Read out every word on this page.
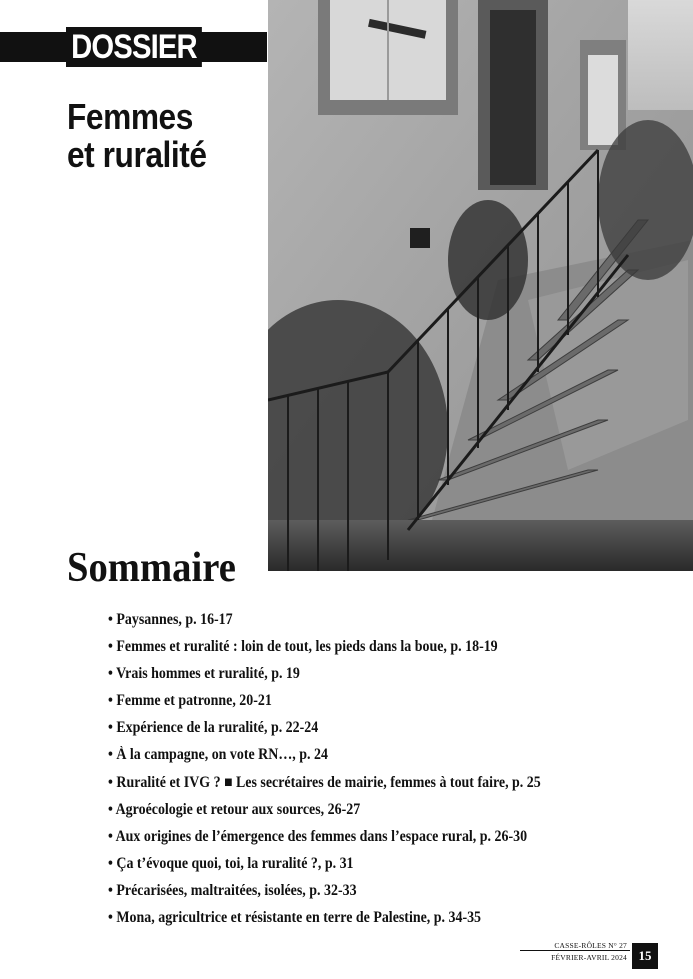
DOSSIER
Femmes
et ruralité
Sommaire
• Paysannes, p. 16-17
• Femmes et ruralité : loin de tout, les pieds dans la boue, p. 18-19
• Vrais hommes et ruralité, p. 19
• Femme et patronne, 20-21
• Expérience de la ruralité, p. 22-24
• À la campagne, on vote RN…, p. 24
• Ruralité et IVG ? ■ Les secrétaires de mairie, femmes à tout faire, p. 25
• Agroécologie et retour aux sources, 26-27
• Aux origines de l’émergence des femmes dans l’espace rural, p. 26-30
• Ça t’évoque quoi, toi, la ruralité ?, p. 31
• Précarisées, maltraitées, isolées, p. 32-33
• Mona, agricultrice et résistante en terre de Palestine, p. 34-35
CASSE-RÔLES N° 27
FÉVRIER-AVRIL 2024 15
